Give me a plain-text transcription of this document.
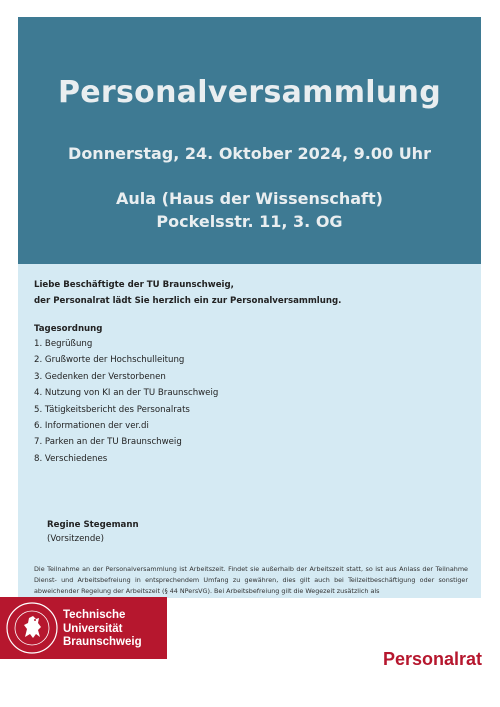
Personalversammlung
Donnerstag, 24. Oktober 2024, 9.00 Uhr
Aula (Haus der Wissenschaft)
Pockelsstr. 11, 3. OG
Liebe Beschäftigte der TU Braunschweig,
der Personalrat lädt Sie herzlich ein zur Personalversammlung.
Tagesordnung
1. Begrüßung
2. Grußworte der Hochschulleitung
3. Gedenken der Verstorbenen
4. Nutzung von KI an der TU Braunschweig
5. Tätigkeitsbericht des Personalrats
6. Informationen der ver.di
7. Parken an der TU Braunschweig
8. Verschiedenes
Regine Stegemann
(Vorsitzende)
Die Teilnahme an der Personalversammlung ist Arbeitszeit. Findet sie außerhalb der Arbeitszeit statt, so ist aus Anlass der Teilnahme Dienst- und Arbeitsbefreiung in entsprechendem Umfang zu gewähren, dies gilt auch bei Teilzeitbeschäftigung oder sonstiger abweichender Regelung der Arbeitszeit (§ 44 NPersVG). Bei Arbeitsbefreiung gilt die Wegezeit zusätzlich als
Technische
Universität
Braunschweig
Personalrat
